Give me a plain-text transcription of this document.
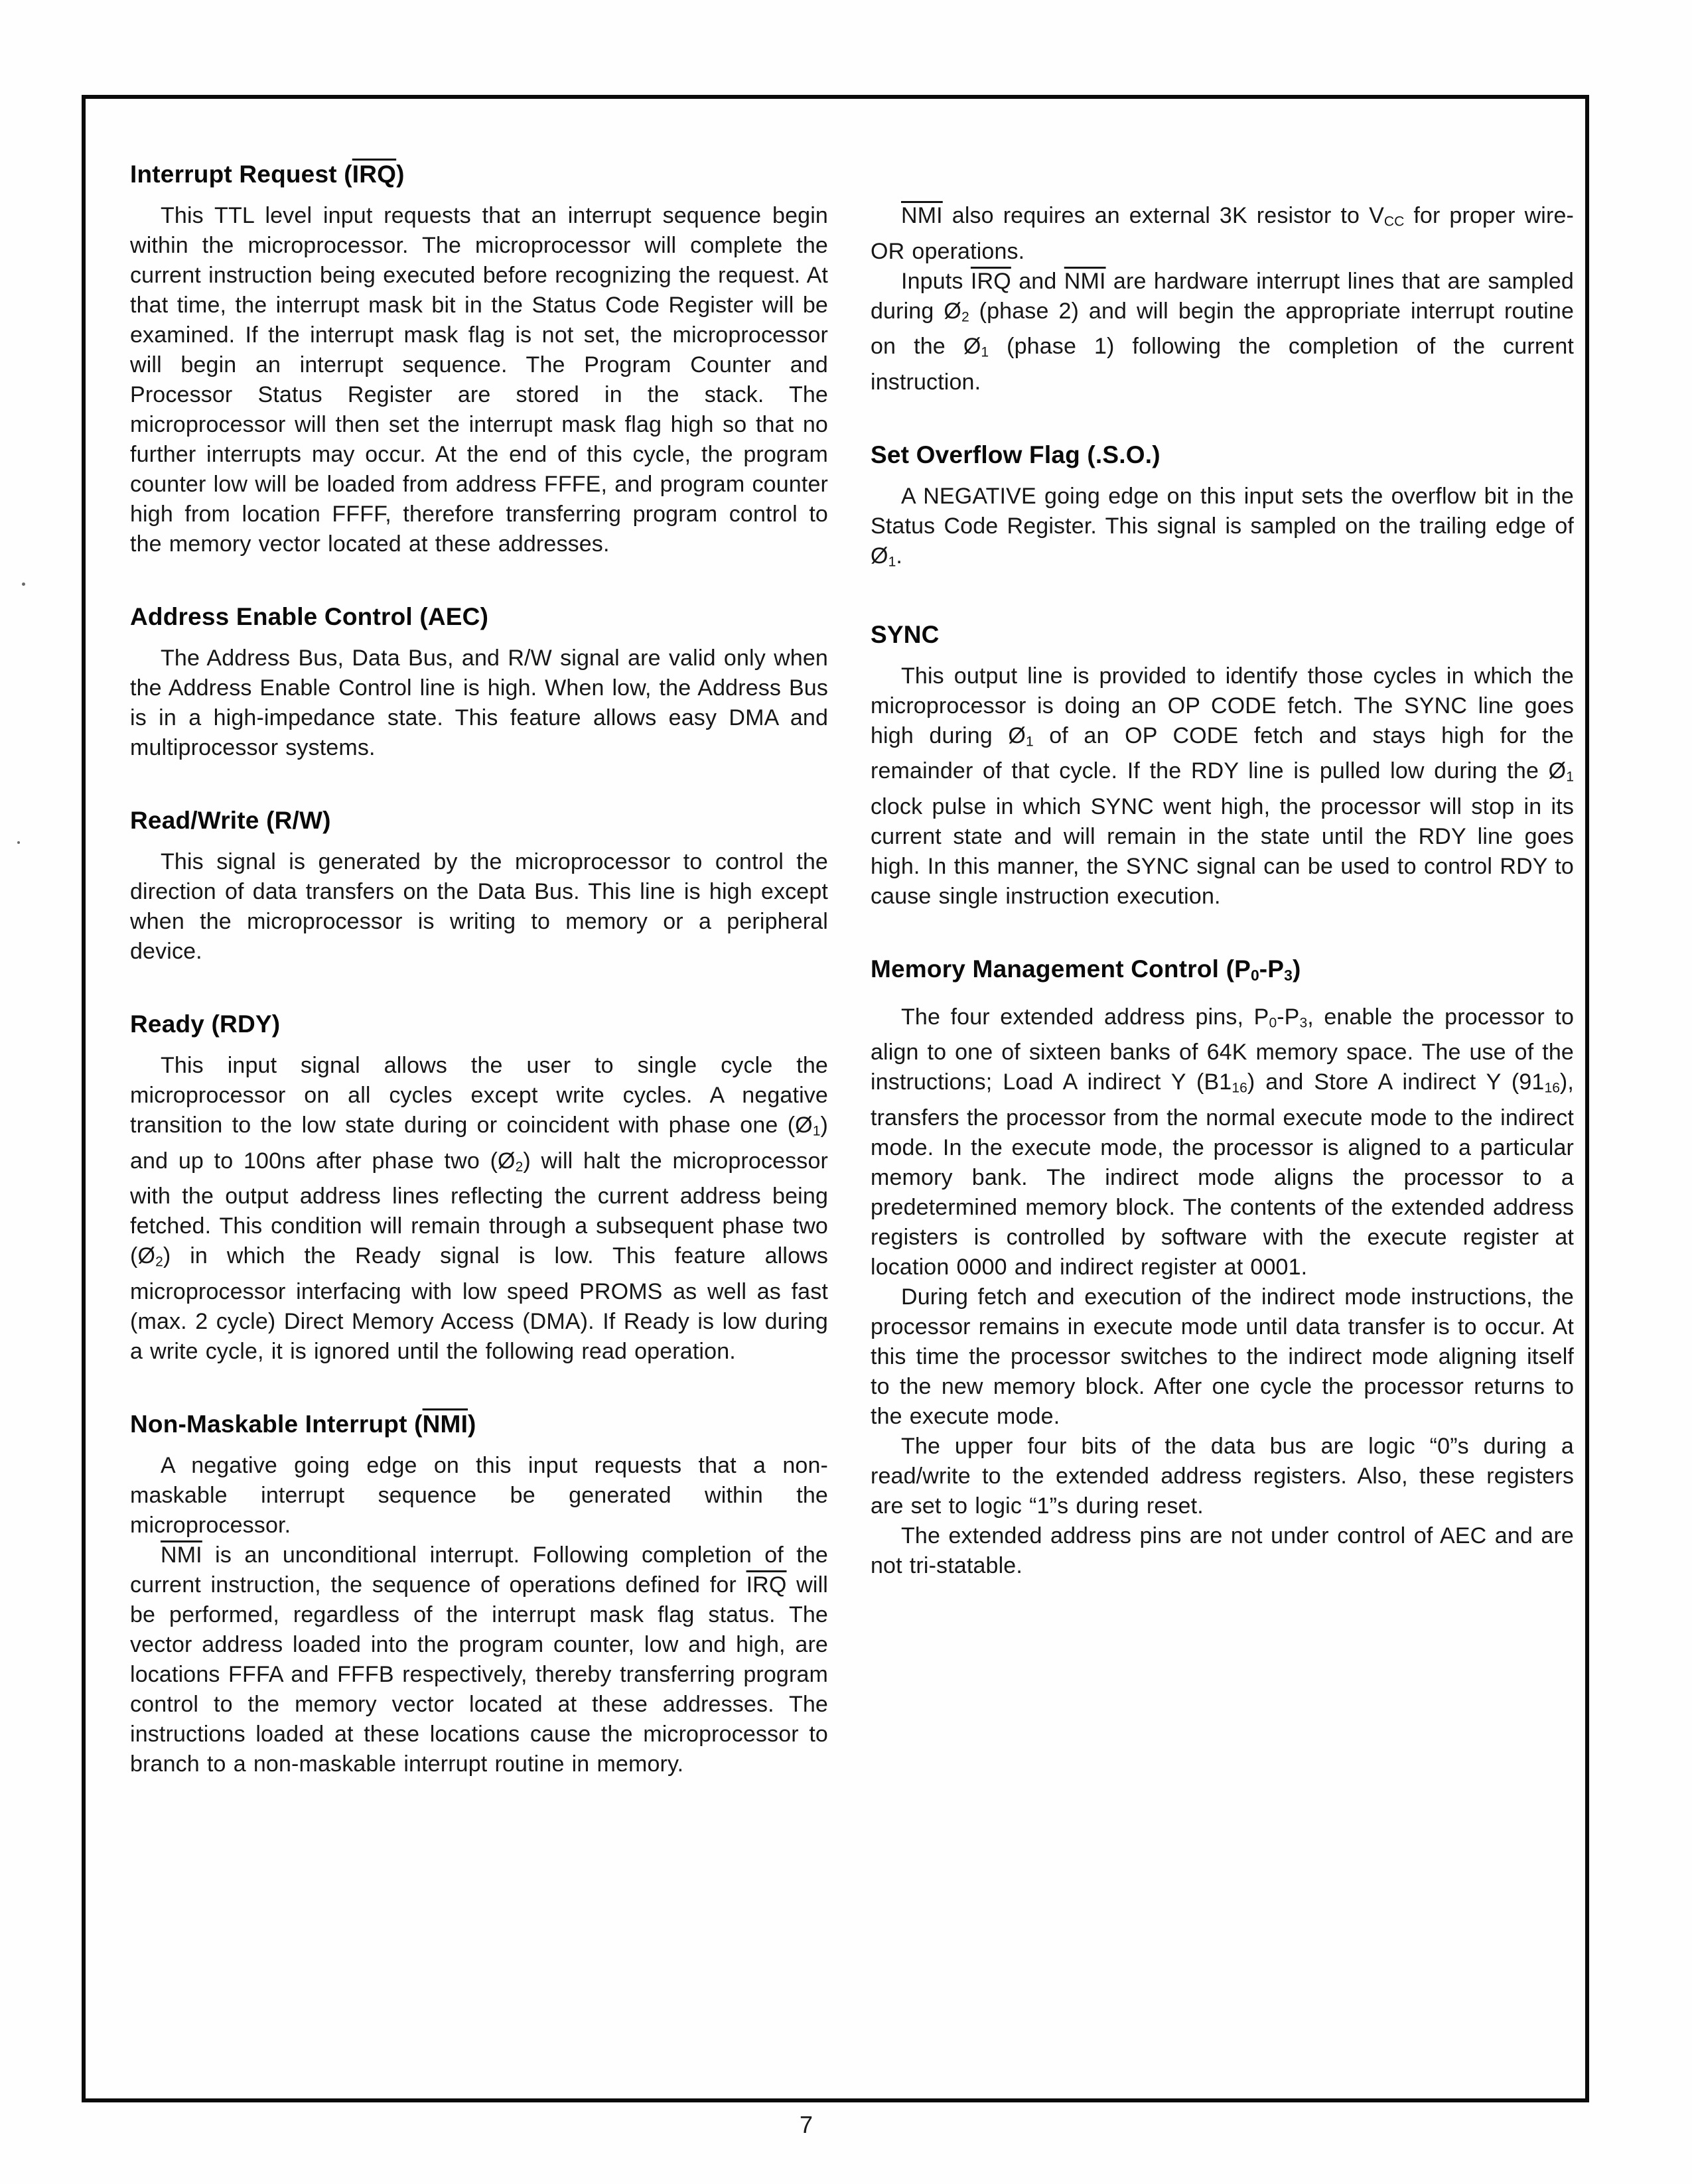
Interrupt Request (IRQ)

This TTL level input requests that an interrupt sequence begin within the microprocessor. The microprocessor will complete the current instruction being executed before recognizing the request. At that time, the interrupt mask bit in the Status Code Register will be examined. If the interrupt mask flag is not set, the microprocessor will begin an interrupt sequence. The Program Counter and Processor Status Register are stored in the stack. The microprocessor will then set the interrupt mask flag high so that no further interrupts may occur. At the end of this cycle, the program counter low will be loaded from address FFFE, and program counter high from location FFFF, therefore transferring program control to the memory vector located at these addresses.

Address Enable Control (AEC)

The Address Bus, Data Bus, and R/W signal are valid only when the Address Enable Control line is high. When low, the Address Bus is in a high-impedance state. This feature allows easy DMA and multiprocessor systems.

Read/Write (R/W)

This signal is generated by the microprocessor to control the direction of data transfers on the Data Bus. This line is high except when the microprocessor is writing to memory or a peripheral device.

Ready (RDY)

This input signal allows the user to single cycle the microprocessor on all cycles except write cycles. A negative transition to the low state during or coincident with phase one (Ø1) and up to 100ns after phase two (Ø2) will halt the microprocessor with the output address lines reflecting the current address being fetched. This condition will remain through a subsequent phase two (Ø2) in which the Ready signal is low. This feature allows microprocessor interfacing with low speed PROMS as well as fast (max. 2 cycle) Direct Memory Access (DMA). If Ready is low during a write cycle, it is ignored until the following read operation.

Non-Maskable Interrupt (NMI)

A negative going edge on this input requests that a non-maskable interrupt sequence be generated within the microprocessor.

$\overline{NMI}$ is an unconditional interrupt. Following completion of the current instruction, the sequence of operations defined for $\overline{IRQ}$ will be performed, regardless of the interrupt mask flag status. The vector address loaded into the program counter, low and high, are locations FFFA and FFFB respectively, thereby transferring program control to the memory vector located at these addresses. The instructions loaded at these locations cause the microprocessor to branch to a non-maskable interrupt routine in memory.

$\overline{NMI}$ also requires an external 3K resistor to VCC for proper wire-OR operations.

Inputs $\overline{IRQ}$ and $\overline{NMI}$ are hardware interrupt lines that are sampled during Ø2 (phase 2) and will begin the appropriate interrupt routine on the Ø1 (phase 1) following the completion of the current instruction.

Set Overflow Flag (.S.O.)

A NEGATIVE going edge on this input sets the overflow bit in the Status Code Register. This signal is sampled on the trailing edge of Ø1.

SYNC

This output line is provided to identify those cycles in which the microprocessor is doing an OP CODE fetch. The SYNC line goes high during Ø1 of an OP CODE fetch and stays high for the remainder of that cycle. If the RDY line is pulled low during the Ø1 clock pulse in which SYNC went high, the processor will stop in its current state and will remain in the state until the RDY line goes high. In this manner, the SYNC signal can be used to control RDY to cause single instruction execution.

Memory Management Control (P0-P3)

The four extended address pins, P0-P3, enable the processor to align to one of sixteen banks of 64K memory space. The use of the instructions; Load A indirect Y (B116) and Store A indirect Y (9116), transfers the processor from the normal execute mode to the indirect mode. In the execute mode, the processor is aligned to a particular memory bank. The indirect mode aligns the processor to a predetermined memory block. The contents of the extended address registers is controlled by software with the execute register at location 0000 and indirect register at 0001.

During fetch and execution of the indirect mode instructions, the processor remains in execute mode until data transfer is to occur. At this time the processor switches to the indirect mode aligning itself to the new memory block. After one cycle the processor returns to the execute mode.

The upper four bits of the data bus are logic “0”s during a read/write to the extended address registers. Also, these registers are set to logic “1”s during reset.

The extended address pins are not under control of AEC and are not tri-statable.

7
